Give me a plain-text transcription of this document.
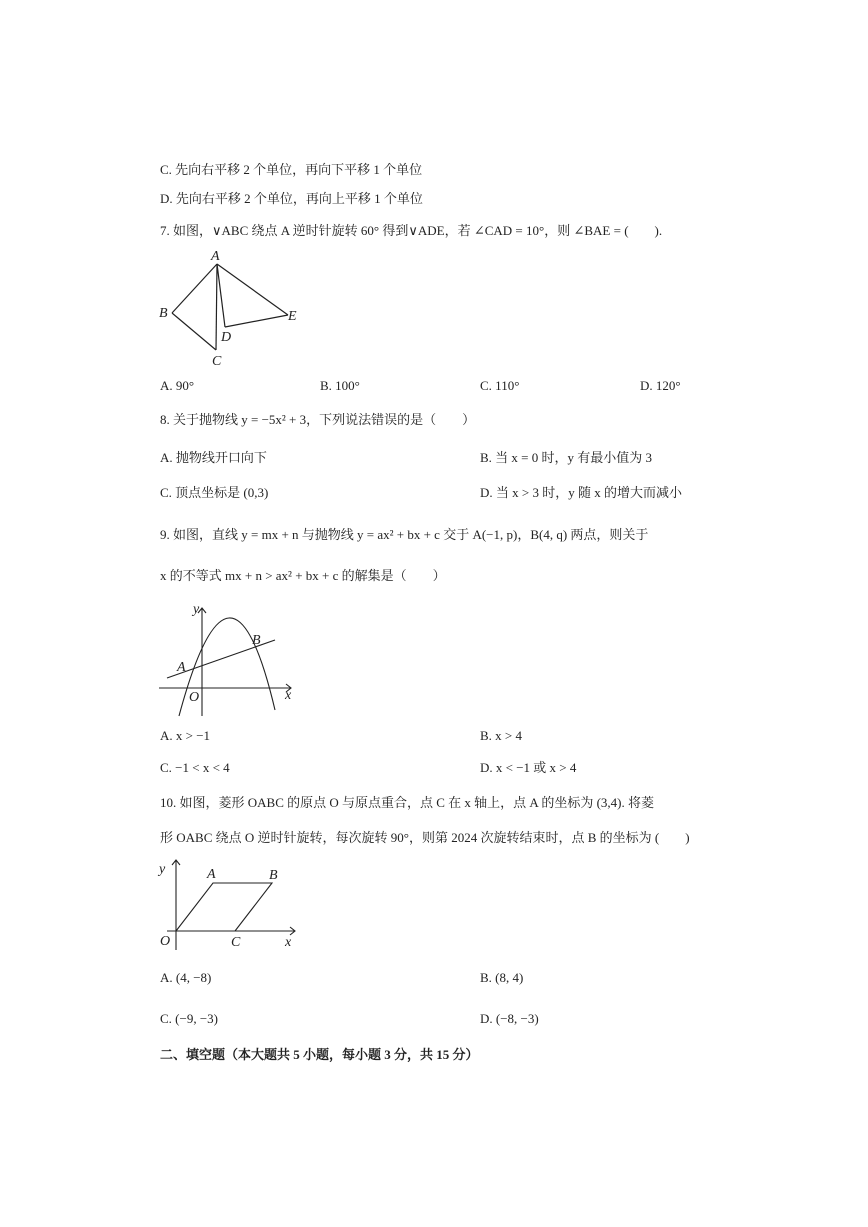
C. 先向右平移 2 个单位，再向下平移 1 个单位
D. 先向右平移 2 个单位，再向上平移 1 个单位
7. 如图，∨ABC 绕点 A 逆时针旋转 60° 得到∨ADE，若 ∠CAD = 10°，则 ∠BAE = (　　).
A
B
C
D
E
A. 90°	B. 100°	C. 110°	D. 120°
8. 关于抛物线 y = −5x² + 3，下列说法错误的是（　　）
A. 抛物线开口向下	B. 当 x = 0 时，y 有最小值为 3
C. 顶点坐标是 (0,3)	D. 当 x > 3 时，y 随 x 的增大而减小
9. 如图，直线 y = mx + n 与抛物线 y = ax² + bx + c 交于 A(−1, p)，B(4, q) 两点，则关于
x 的不等式 mx + n > ax² + bx + c 的解集是（　　）
y
x
O
A
B
A. x > −1	B. x > 4
C. −1 < x < 4	D. x < −1 或 x > 4
10. 如图，菱形 OABC 的原点 O 与原点重合，点 C 在 x 轴上，点 A 的坐标为 (3,4). 将菱
形 OABC 绕点 O 逆时针旋转，每次旋转 90°，则第 2024 次旋转结束时，点 B 的坐标为 (　　)
y
x
O
A	B
C
A. (4, −8)	B. (8, 4)
C. (−9, −3)	D. (−8, −3)
二、填空题（本大题共 5 小题，每小题 3 分，共 15 分）
